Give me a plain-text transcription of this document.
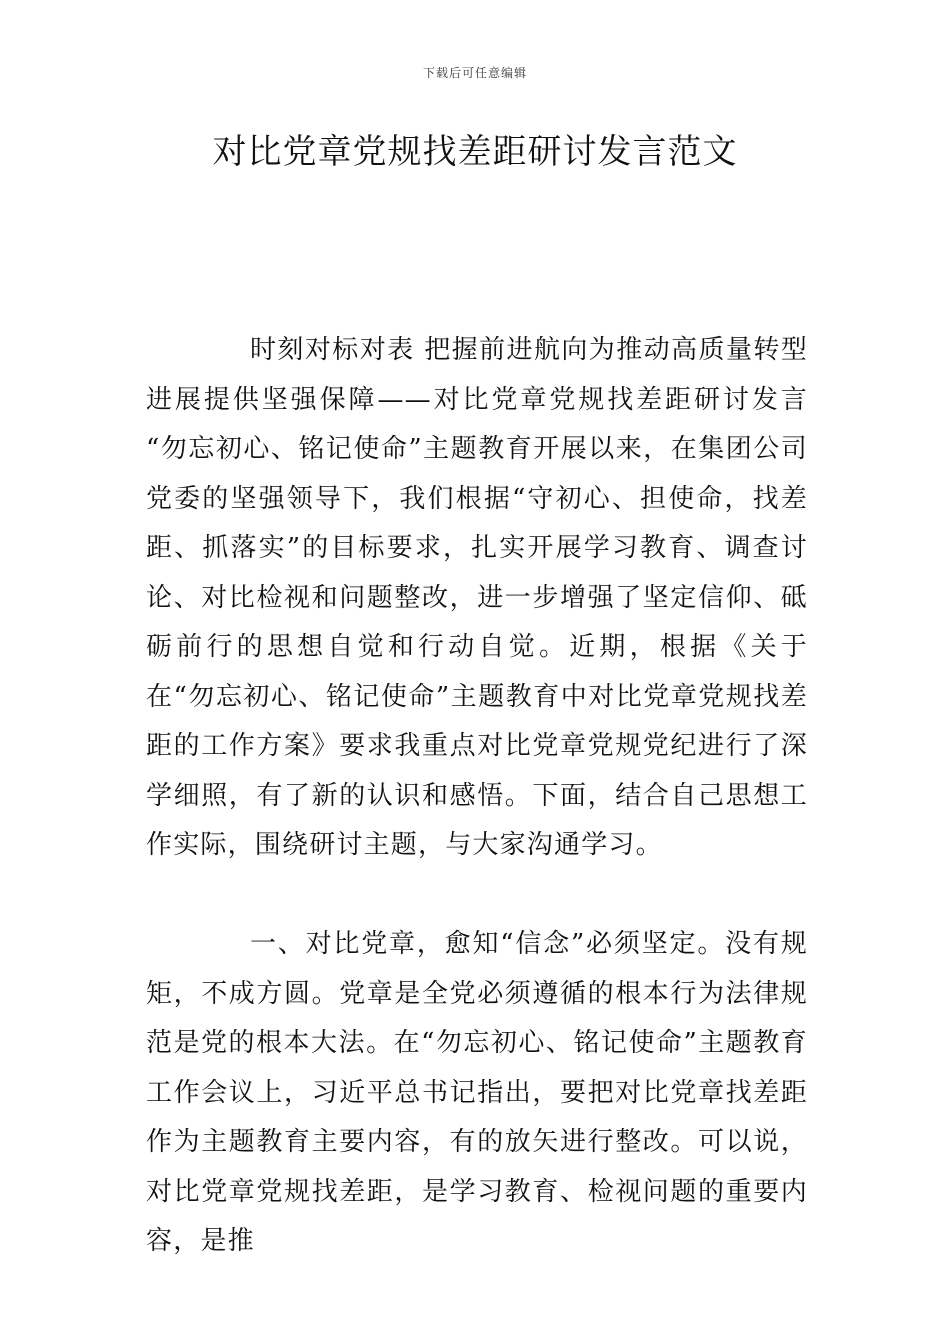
下载后可任意编辑
对比党章党规找差距研讨发言范文

时刻对标对表 把握前进航向为推动高质量转型进展提供坚强保障——对比党章党规找差距研讨发言 “勿忘初心、铭记使命”主题教育开展以来，在集团公司党委的坚强领导下，我们根据“守初心、担使命，找差距、抓落实”的目标要求，扎实开展学习教育、调查讨论、对比检视和问题整改，进一步增强了坚定信仰、砥砺前行的思想自觉和行动自觉。近期，根据《关于在“勿忘初心、铭记使命”主题教育中对比党章党规找差距的工作方案》要求我重点对比党章党规党纪进行了深学细照，有了新的认识和感悟。下面，结合自己思想工作实际，围绕研讨主题，与大家沟通学习。

一、对比党章，愈知“信念”必须坚定。没有规矩，不成方圆。党章是全党必须遵循的根本行为法律规范是党的根本大法。在“勿忘初心、铭记使命”主题教育工作会议上，习近平总书记指出，要把对比党章找差距作为主题教育主要内容，有的放矢进行整改。可以说，对比党章党规找差距，是学习教育、检视问题的重要内容，是推
